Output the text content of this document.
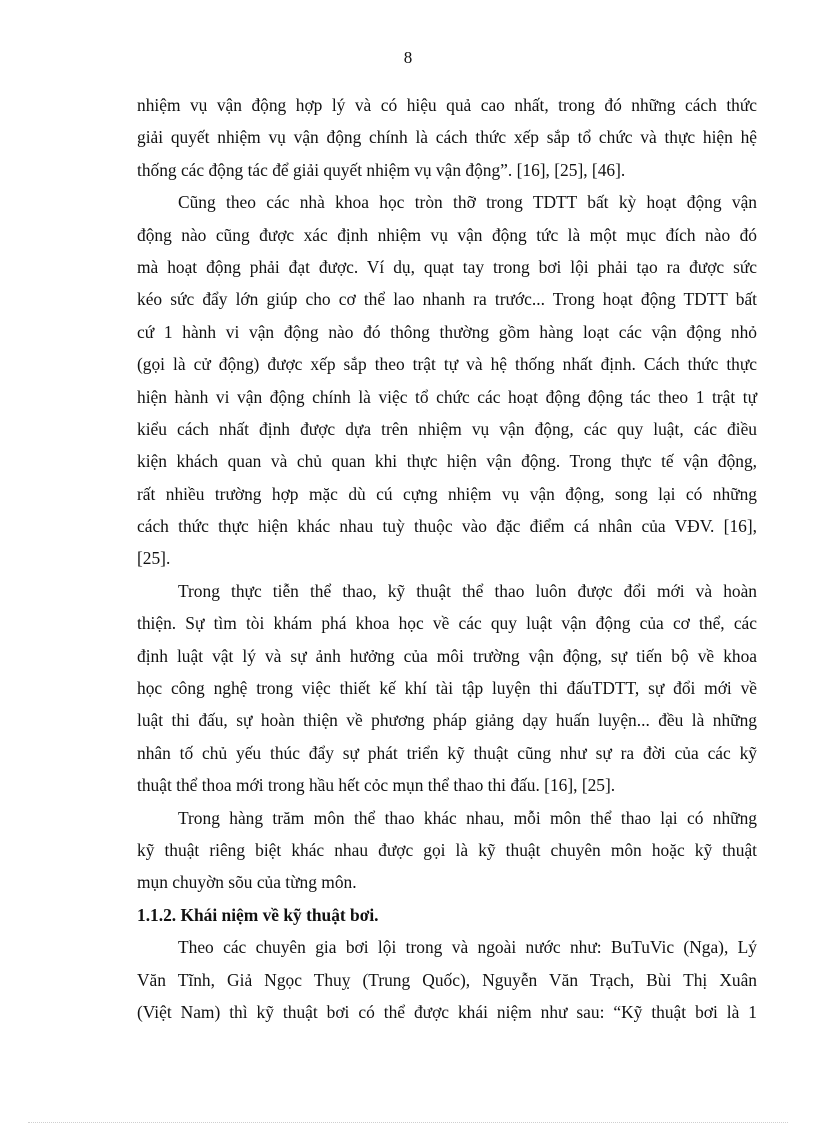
8
nhiệm vụ vận động hợp lý và có hiệu quả cao nhất, trong đó những cách thức
giải quyết nhiệm vụ vận động chính là cách thức xếp sắp tổ chức và thực hiện hệ
thống các động tác để giải quyết nhiệm vụ vận động”. [16], [25], [46].
Cũng theo các nhà khoa học tròn thỡ trong TDTT bất kỳ hoạt động vận
động nào cũng được xác định nhiệm vụ vận động tức là một mục đích nào đó
mà hoạt động phải đạt được. Ví dụ, quạt tay trong bơi lội phải tạo ra được sức
kéo sức đẩy lớn giúp cho cơ thể lao nhanh ra trước... Trong hoạt động TDTT bất
cứ 1 hành vi vận động nào đó thông thường gồm hàng loạt các vận động nhỏ
(gọi là cử động) được xếp sắp theo trật tự và hệ thống nhất định. Cách thức thực
hiện hành vi vận động chính là việc tổ chức các hoạt động động tác theo 1 trật tự
kiểu cách nhất định được dựa trên nhiệm vụ vận động, các quy luật, các điều
kiện khách quan và chủ quan khi thực hiện vận động. Trong thực tế vận động,
rất nhiều trường hợp mặc dù cú cựng nhiệm vụ vận động, song lại có những
cách thức thực hiện khác nhau tuỳ thuộc vào đặc điểm cá nhân của VĐV. [16],
[25].
Trong thực tiễn thể thao, kỹ thuật thể thao luôn được đổi mới và hoàn
thiện. Sự tìm tòi khám phá khoa học về các quy luật vận động của cơ thể, các
định luật vật lý và sự ảnh hưởng của môi trường vận động, sự tiến bộ về khoa
học công nghệ trong việc thiết kế khí tài tập luyện thi đấuTDTT, sự đổi mới về
luật thi đấu, sự hoàn thiện về phương pháp giảng dạy huấn luyện... đều là những
nhân tố chủ yếu thúc đẩy sự phát triển kỹ thuật cũng như sự ra đời của các kỹ
thuật thể thoa mới trong hầu hết cỏc mụn thể thao thi đấu. [16], [25].
Trong hàng trăm môn thể thao khác nhau, mỗi môn thể thao lại có những
kỹ thuật riêng biệt khác nhau được gọi là kỹ thuật chuyên môn hoặc kỹ thuật
mụn chuyờn sõu của từng môn.
1.1.2. Khái niệm về kỹ thuật bơi.
Theo các chuyên gia bơi lội trong và ngoài nước như: BuTuVic (Nga), Lý
Văn Tĩnh, Giả Ngọc Thuỵ (Trung Quốc), Nguyễn Văn Trạch, Bùi Thị Xuân
(Việt Nam) thì kỹ thuật bơi có thể được khái niệm như sau: “Kỹ thuật bơi là 1
